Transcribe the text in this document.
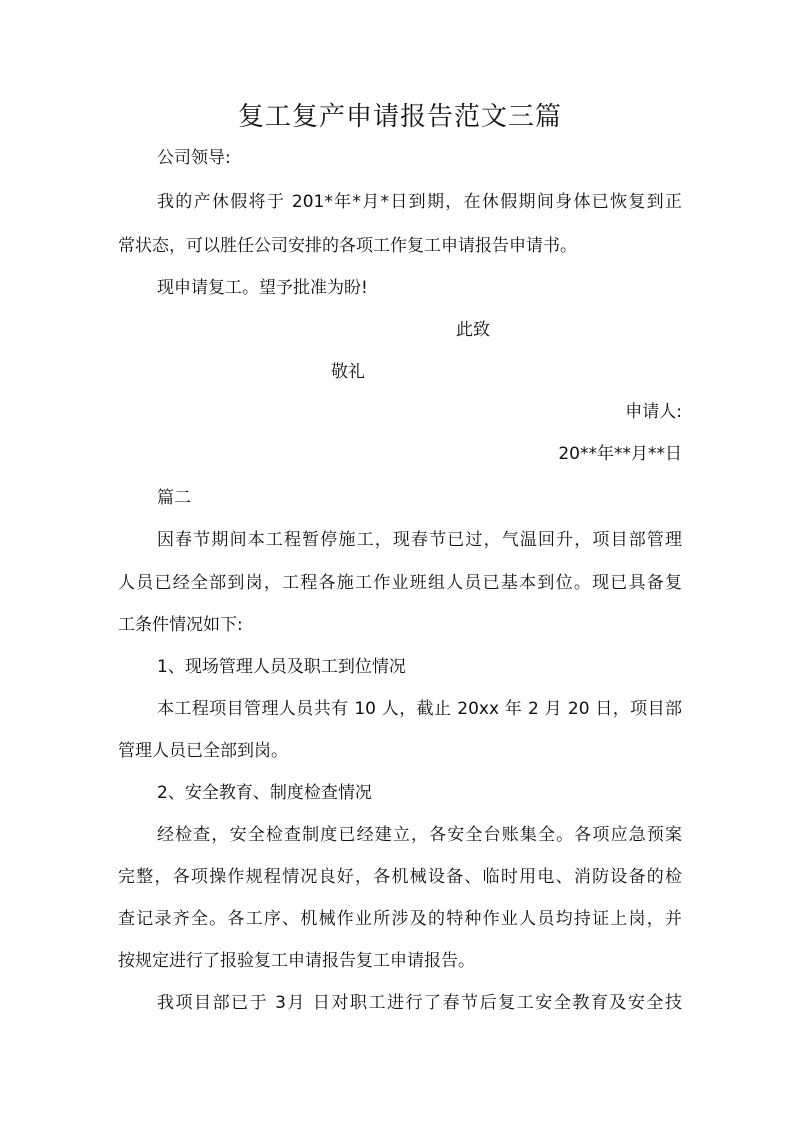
复工复产申请报告范文三篇
公司领导:
我的产休假将于 201*年*月*日到期，在休假期间身体已恢复到正
常状态，可以胜任公司安排的各项工作复工申请报告申请书。
现申请复工。望予批准为盼!
此致
敬礼
申请人:
20**年**月**日
篇二
因春节期间本工程暂停施工，现春节已过，气温回升，项目部管理
人员已经全部到岗，工程各施工作业班组人员已基本到位。现已具备复
工条件情况如下:
1、现场管理人员及职工到位情况
本工程项目管理人员共有 10 人，截止 20xx 年 2 月 20 日，项目部
管理人员已全部到岗。
2、安全教育、制度检查情况
经检查，安全检查制度已经建立，各安全台账集全。各项应急预案
完整，各项操作规程情况良好，各机械设备、临时用电、消防设备的检
查记录齐全。各工序、机械作业所涉及的特种作业人员均持证上岗，并
按规定进行了报验复工申请报告复工申请报告。
我项目部已于 3月 日对职工进行了春节后复工安全教育及安全技
